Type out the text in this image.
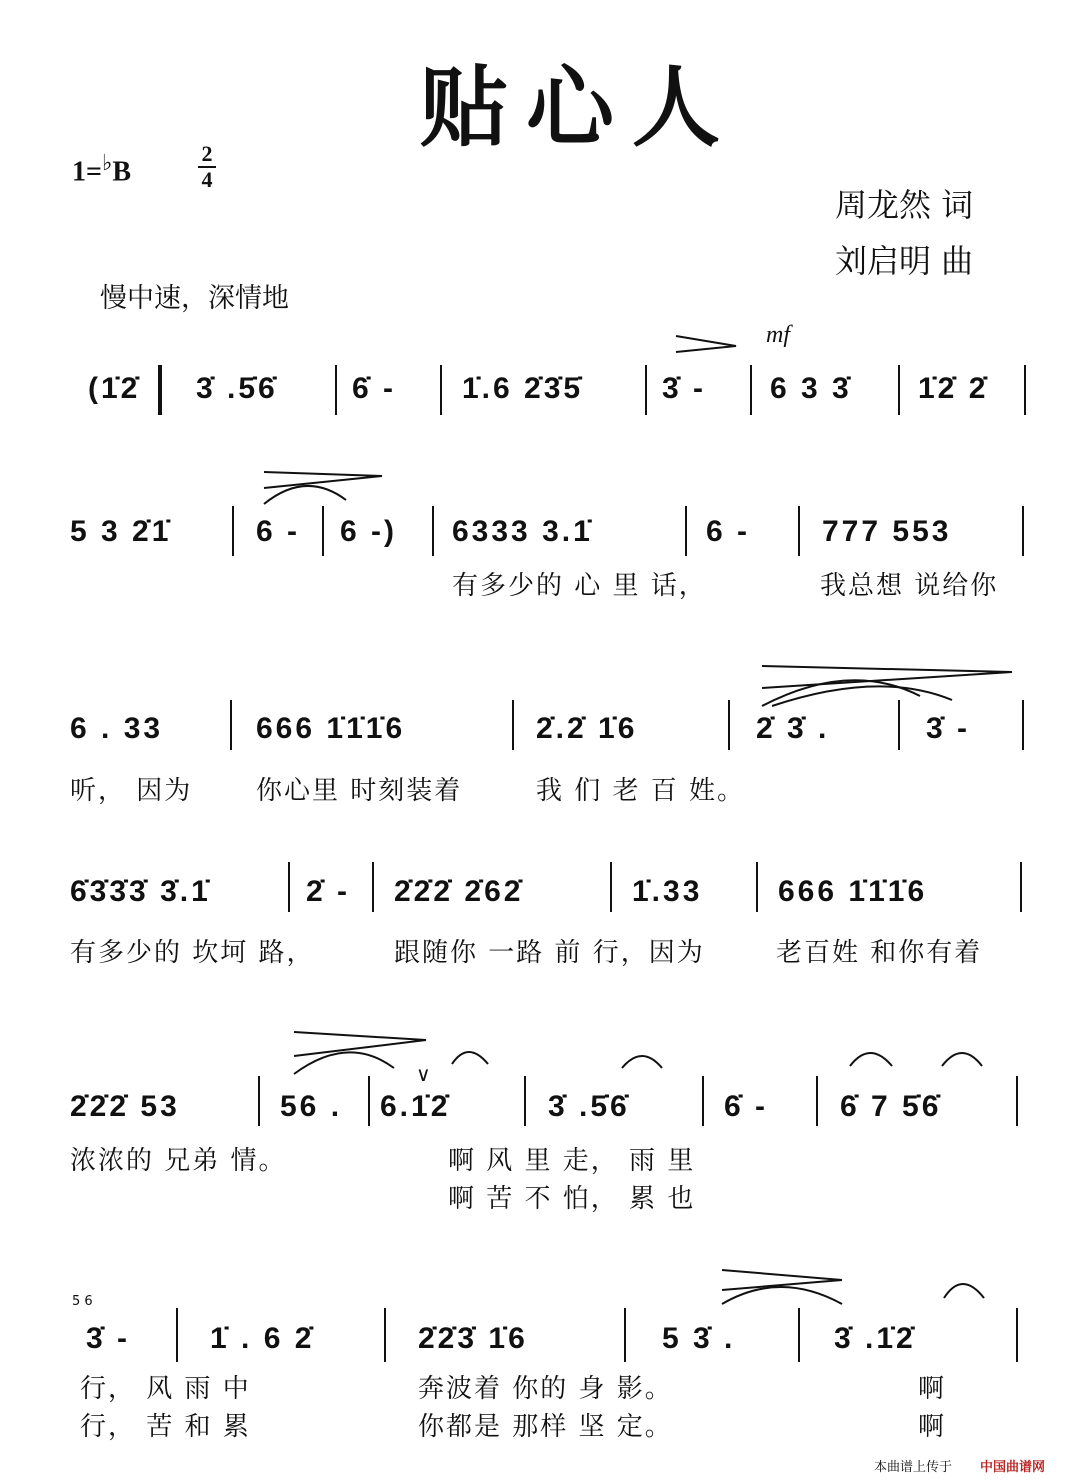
贴心人
1=♭B
2
4
周龙然 词
刘启明 曲
慢中速，深情地
mf
(1̇2̇ 3̇ .5̇6̇ 6̇ - 1̇.6 2̇3̇5̇	3̇ - 6 3 3̇ 1̇2̇ 2̇
5 3 2̇1̇	6 - 6 -) 6333 3.1̇	6 - 777 553
有多少的 心 里 话，	我总想 说给你
6 . 33	666 1̇1̇1̇6	2̇.2̇ 1̇6	2̇ 3̇ .	3̇ -
听， 因为 你心里 时刻装着	我 们 老 百 姓。
6̇3̇3̇3̇ 3̇.1̇	2̇ - 2̇2̇2̇ 2̇62̇	1̇.33	666 1̇1̇1̇6
有多少的 坎坷 路，	跟随你 一路 前 行，因为	老百姓 和你有着
2̇2̇2̇ 53	56 . 6.1̇2̇	3̇ .5̇6̇	6̇ - 6̇ 7 5̇6̇
∨
浓浓的 兄弟 情。	啊 风 里 走， 雨 里
啊 苦 不 怕， 累 也
5̇ 6
3̇ -	1̇ . 6 2̇	2̇2̇3̇ 1̇6	5 3̇ .	3̇ .1̇2̇
行， 风 雨 中	奔波着 你的 身 影。	啊
行， 苦 和 累	你都是 那样 坚 定。	啊
本曲谱上传于 中国曲谱网
